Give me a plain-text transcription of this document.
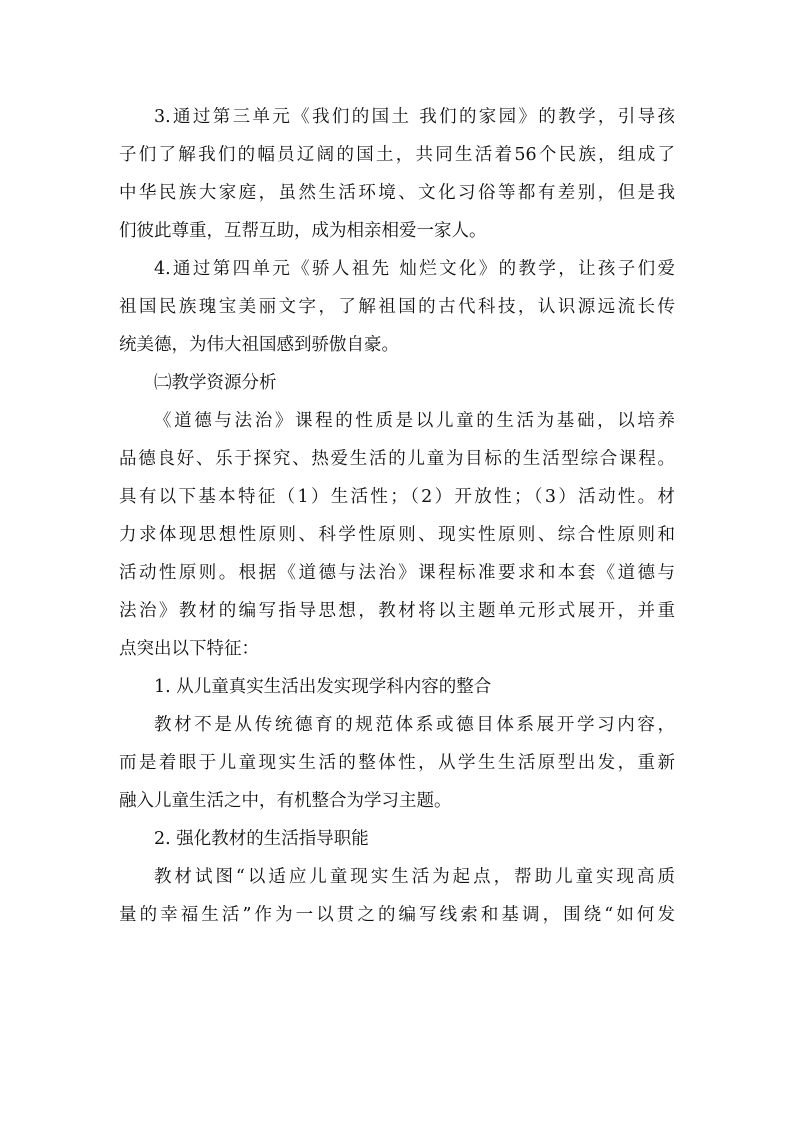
3.通过第三单元《我们的国土 我们的家园》的教学，引导孩
子们了解我们的幅员辽阔的国土，共同生活着56个民族，组成了
中华民族大家庭，虽然生活环境、文化习俗等都有差别，但是我
们彼此尊重，互帮互助，成为相亲相爱一家人。
4.通过第四单元《骄人祖先 灿烂文化》的教学，让孩子们爱
祖国民族瑰宝美丽文字，了解祖国的古代科技，认识源远流长传
统美德，为伟大祖国感到骄傲自豪。
㈡教学资源分析
《道德与法治》课程的性质是以儿童的生活为基础，以培养
品德良好、乐于探究、热爱生活的儿童为目标的生活型综合课程。
具有以下基本特征（1）生活性；（2）开放性；（3）活动性。材
力求体现思想性原则、科学性原则、现实性原则、综合性原则和
活动性原则。根据《道德与法治》课程标准要求和本套《道德与
法治》教材的编写指导思想，教材将以主题单元形式展开，并重
点突出以下特征：
1. 从儿童真实生活出发实现学科内容的整合
教材不是从传统德育的规范体系或德目体系展开学习内容，
而是着眼于儿童现实生活的整体性，从学生生活原型出发，重新
融入儿童生活之中，有机整合为学习主题。
2. 强化教材的生活指导职能
教材试图“以适应儿童现实生活为起点，帮助儿童实现高质
量的幸福生活”作为一以贯之的编写线索和基调，围绕“如何发
